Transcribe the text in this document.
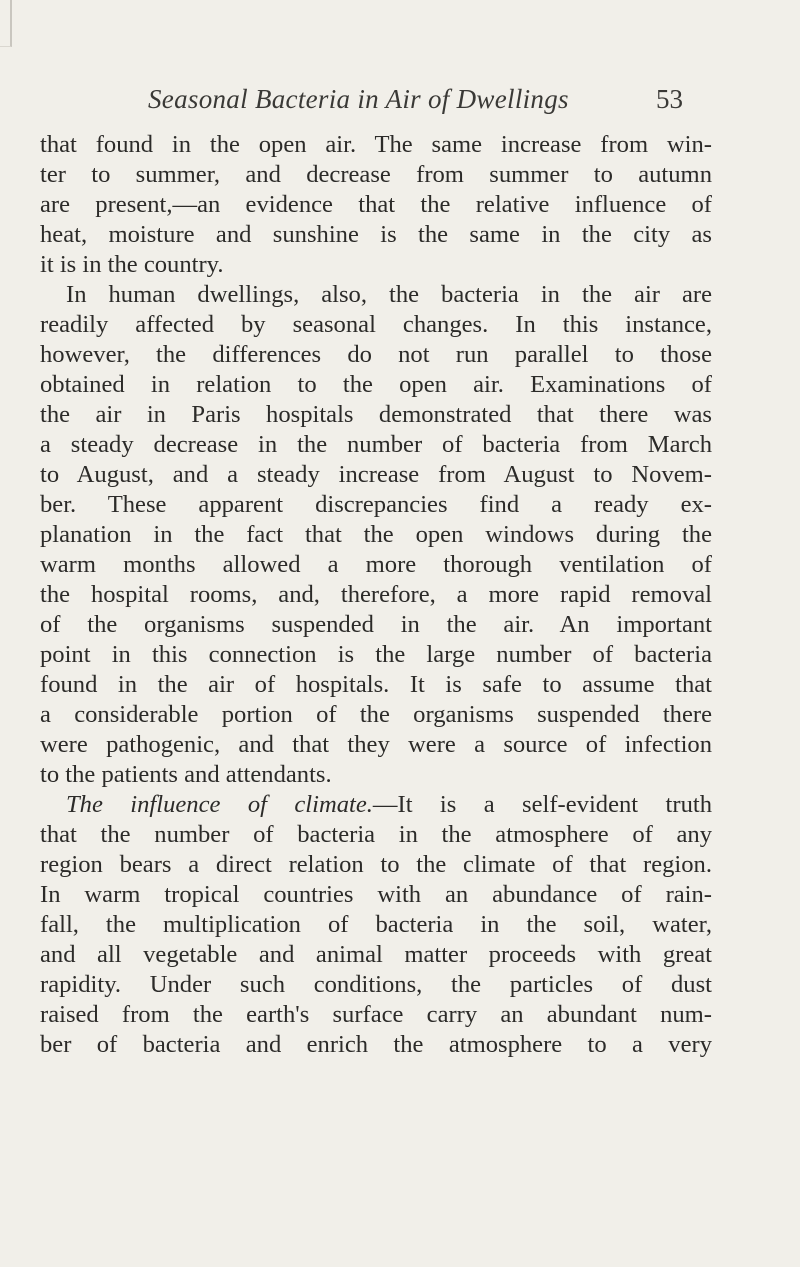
Seasonal Bacteria in Air of Dwellings	53
that found in the open air. The same increase from win-
ter to summer, and decrease from summer to autumn
are present,—an evidence that the relative influence of
heat, moisture and sunshine is the same in the city as
it is in the country.
In human dwellings, also, the bacteria in the air are
readily affected by seasonal changes. In this instance,
however, the differences do not run parallel to those
obtained in relation to the open air. Examinations of
the air in Paris hospitals demonstrated that there was
a steady decrease in the number of bacteria from March
to August, and a steady increase from August to Novem-
ber. These apparent discrepancies find a ready ex-
planation in the fact that the open windows during the
warm months allowed a more thorough ventilation of
the hospital rooms, and, therefore, a more rapid removal
of the organisms suspended in the air. An important
point in this connection is the large number of bacteria
found in the air of hospitals. It is safe to assume that
a considerable portion of the organisms suspended there
were pathogenic, and that they were a source of infection
to the patients and attendants.
The influence of climate.—It is a self-evident truth
that the number of bacteria in the atmosphere of any
region bears a direct relation to the climate of that region.
In warm tropical countries with an abundance of rain-
fall, the multiplication of bacteria in the soil, water,
and all vegetable and animal matter proceeds with great
rapidity. Under such conditions, the particles of dust
raised from the earth's surface carry an abundant num-
ber of bacteria and enrich the atmosphere to a very
